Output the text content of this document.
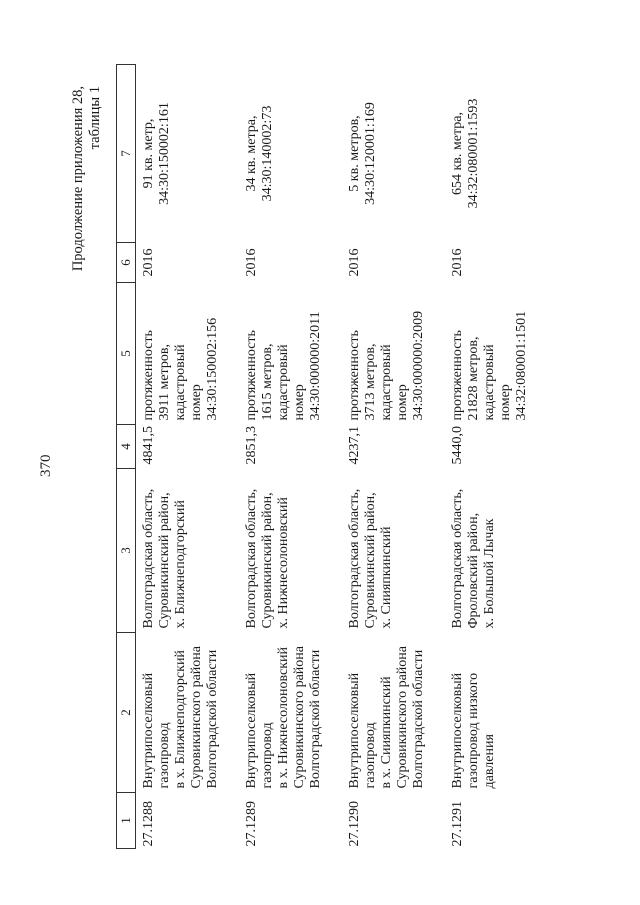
370
Продолжение приложения 28, таблицы 1
1	2	3	4	5	6	7
27.1288	Внутрипоселковый газопровод в х. Ближнеподгорский Суровикинского района Волгоградской области	Волгоградская область, Суровикинский район, х. Ближнеподгорский	4841,5	протяженность 3911 метров, кадастровый номер 34:30:150002:156	2016	91 кв. метр, 34:30:150002:161

27.1289	Внутрипоселковый газопровод в х. Нижнесолоновский Суровикинского района Волгоградской области	Волгоградская область, Суровикинский район, х. Нижнесолоновский	2851,3	протяженность 1615 метров, кадастровый номер 34:30:000000:2011	2016	34 кв. метра, 34:30:140002:73

27.1290	Внутрипоселковый газопровод в х. Сиияпкинский Суровикинского района Волгоградской области	Волгоградская область, Суровикинский район, х. Сиияпкинский	4237,1	протяженность 3713 метров, кадастровый номер 34:30:000000:2009	2016	5 кв. метров, 34:30:120001:169

27.1291	Внутрипоселковый газопровод низкого давления	Волгоградская область, Фроловский район, х. Большой Лычак	5440,0	протяженность 21828 метров, кадастровый номер 34:32:080001:1501	2016	654 кв. метра, 34:32:080001:1593
